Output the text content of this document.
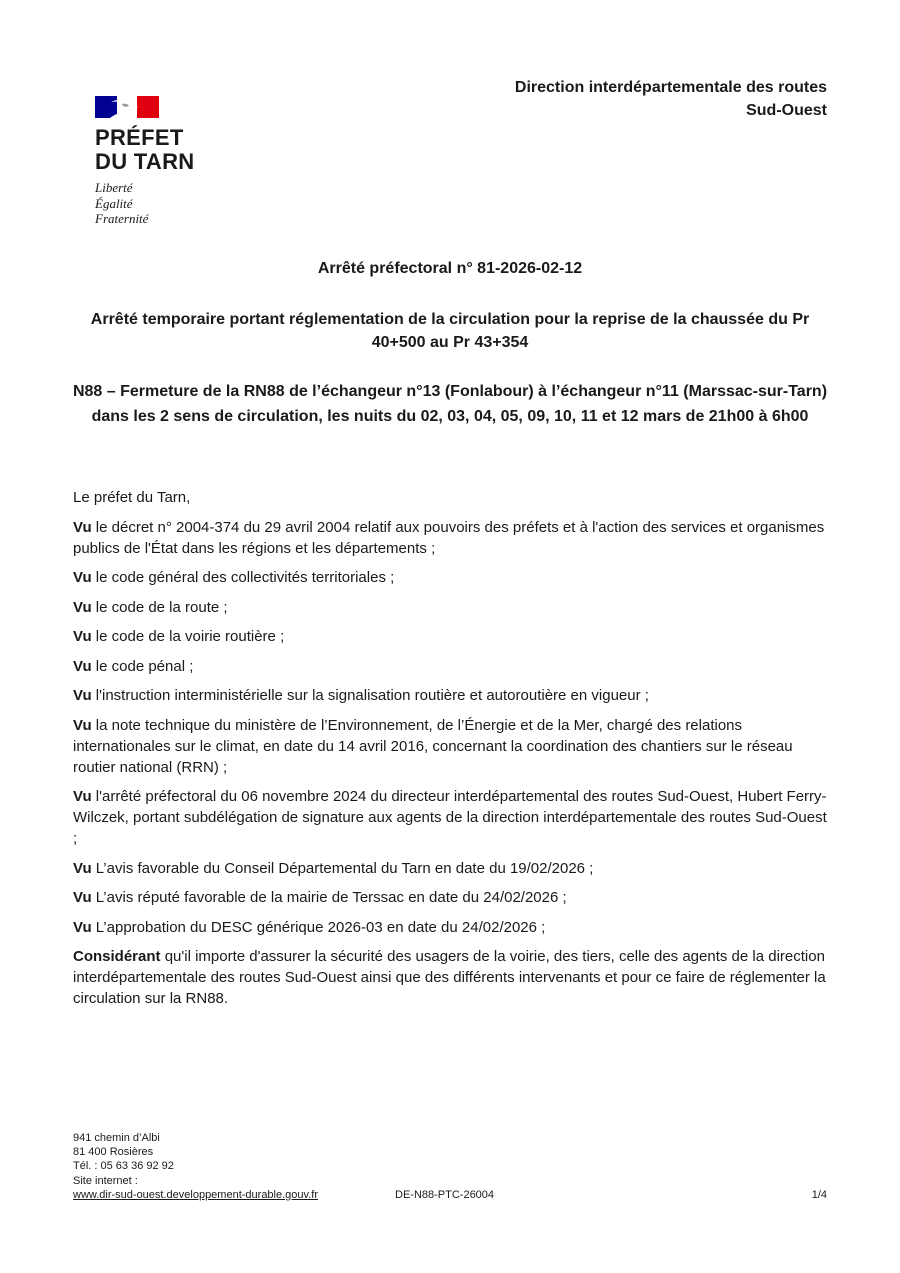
PRÉFET
DU TARN
Liberté
Égalité
Fraternité
Direction interdépartementale des routes
Sud-Ouest
Arrêté préfectoral n° 81-2026-02-12
Arrêté temporaire portant réglementation de la circulation pour la reprise de la chaussée du Pr 40+500 au Pr 43+354
N88 – Fermeture de la RN88 de l’échangeur n°13 (Fonlabour) à l’échangeur n°11 (Marssac-sur-Tarn) dans les 2 sens de circulation, les nuits du 02, 03, 04, 05, 09, 10, 11 et 12 mars de 21h00 à 6h00

Le préfet du Tarn,

Vu le décret n° 2004-374 du 29 avril 2004 relatif aux pouvoirs des préfets et à l'action des services et organismes publics de l'État dans les régions et les départements ;

Vu le code général des collectivités territoriales ;

Vu le code de la route ;

Vu le code de la voirie routière ;

Vu le code pénal ;

Vu l'instruction interministérielle sur la signalisation routière et autoroutière en vigueur ;

Vu la note technique du ministère de l’Environnement, de l’Énergie et de la Mer, chargé des relations internationales sur le climat, en date du 14 avril 2016, concernant la coordination des chantiers sur le réseau routier national (RRN) ;

Vu l'arrêté préfectoral du 06 novembre 2024 du directeur interdépartemental des routes Sud-Ouest, Hubert Ferry-Wilczek, portant subdélégation de signature aux agents de la direction interdépartementale des routes Sud-Ouest ;

Vu L’avis favorable du Conseil Départemental du Tarn en date du 19/02/2026 ;

Vu L’avis réputé favorable de la mairie de Terssac en date du 24/02/2026 ;

Vu L’approbation du DESC générique 2026-03 en date du 24/02/2026 ;

Considérant qu'il importe d'assurer la sécurité des usagers de la voirie, des tiers, celle des agents de la direction interdépartementale des routes Sud-Ouest ainsi que des différents intervenants et pour ce faire de réglementer la circulation sur la RN88.

941 chemin d’Albi
81 400 Rosières
Tél. : 05 63 36 92 92
Site internet :
www.dir-sud-ouest.developpement-durable.gouv.fr	DE-N88-PTC-26004	1/4
